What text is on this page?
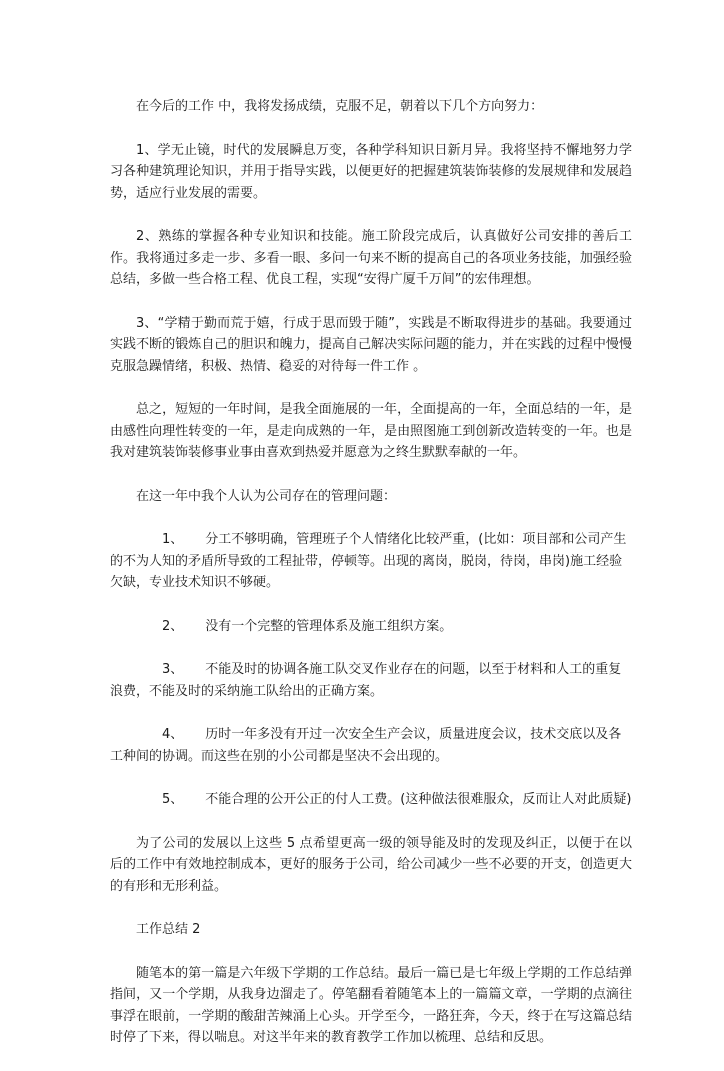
在今后的工作 中，我将发扬成绩，克服不足，朝着以下几个方向努力：

1、学无止镜，时代的发展瞬息万变，各种学科知识日新月异。我将坚持不懈地努力学习各种建筑理论知识，并用于指导实践，以便更好的把握建筑装饰装修的发展规律和发展趋势，适应行业发展的需要。

2、熟练的掌握各种专业知识和技能。施工阶段完成后，认真做好公司安排的善后工作。我将通过多走一步、多看一眼、多问一句来不断的提高自己的各项业务技能，加强经验总结，多做一些合格工程、优良工程，实现“安得广厦千万间”的宏伟理想。

3、“学精于勤而荒于嬉，行成于思而毁于随”，实践是不断取得进步的基础。我要通过实践不断的锻炼自己的胆识和魄力，提高自己解决实际问题的能力，并在实践的过程中慢慢克服急躁情绪，积极、热情、稳妥的对待每一件工作 。

总之，短短的一年时间，是我全面施展的一年，全面提高的一年，全面总结的一年，是由感性向理性转变的一年，是走向成熟的一年，是由照图施工到创新改造转变的一年。也是我对建筑装饰装修事业事由喜欢到热爱并愿意为之终生默默奉献的一年。

在这一年中我个人认为公司存在的管理问题：

1、 分工不够明确，管理班子个人情绪化比较严重，(比如：项目部和公司产生的不为人知的矛盾所导致的工程扯带，停顿等。出现的离岗，脱岗，待岗，串岗)施工经验欠缺，专业技术知识不够硬。

2、 没有一个完整的管理体系及施工组织方案。

3、 不能及时的协调各施工队交叉作业存在的问题，以至于材料和人工的重复浪费，不能及时的采纳施工队给出的正确方案。

4、 历时一年多没有开过一次安全生产会议，质量进度会议，技术交底以及各工种间的协调。而这些在别的小公司都是坚决不会出现的。

5、 不能合理的公开公正的付人工费。(这种做法很难服众，反而让人对此质疑)

为了公司的发展以上这些 5 点希望更高一级的领导能及时的发现及纠正，以便于在以后的工作中有效地控制成本，更好的服务于公司，给公司减少一些不必要的开支，创造更大的有形和无形利益。

工作总结 2

随笔本的第一篇是六年级下学期的工作总结。最后一篇已是七年级上学期的工作总结弹指间，又一个学期，从我身边溜走了。停笔翻看着随笔本上的一篇篇文章，一学期的点滴往事浮在眼前，一学期的酸甜苦辣涌上心头。开学至今，一路狂奔，今天，终于在写这篇总结时停了下来，得以喘息。对这半年来的教育教学工作加以梳理、总结和反思。
